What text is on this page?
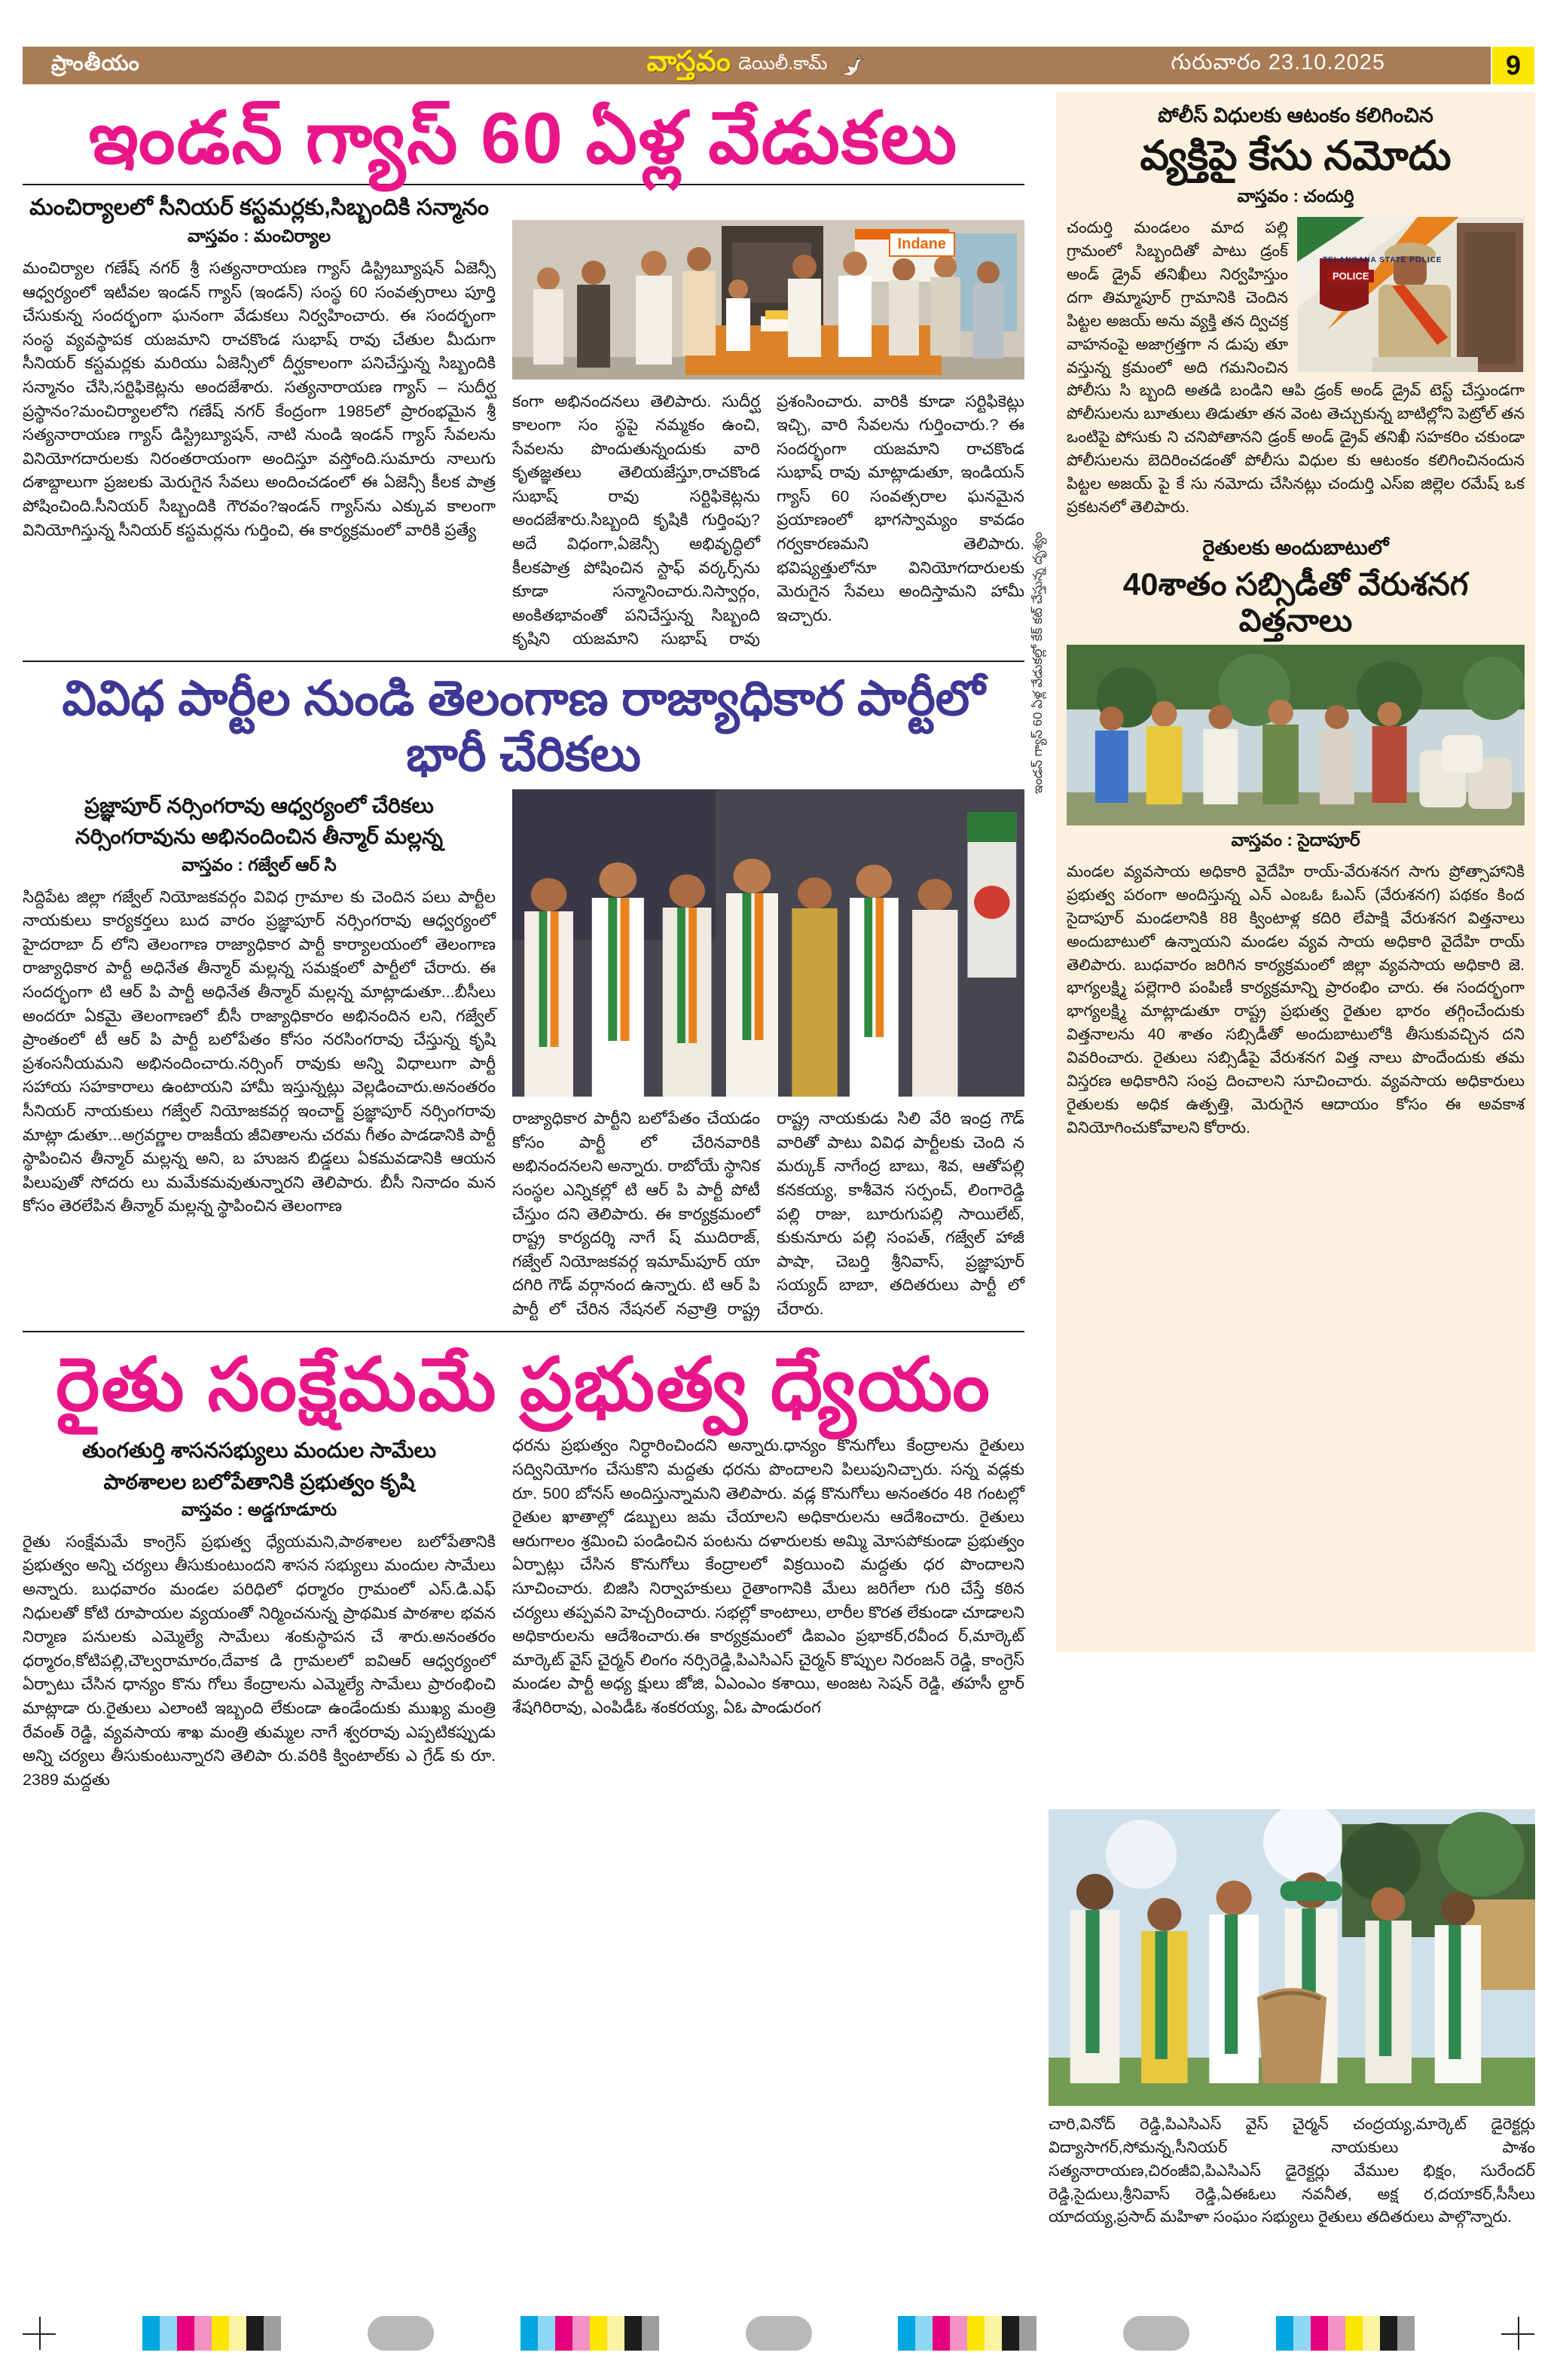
ప్రాంతీయం	వాస్తవం డెయిలీ.కామ్	గురువారం 23.10.2025	9
ఇండన్ గ్యాస్ 60 ఏళ్ల వేడుకలు
మంచిర్యాలలో సీనియర్ కస్టమర్లకు,సిబ్బందికి సన్మానం
వాస్తవం : మంచిర్యాల
మంచిర్యాల గణేష్ నగర్ శ్రీ సత్యనారాయణ గ్యాస్ డిస్ట్రిబ్యూషన్ ఏజెన్సీ ఆధ్వర్యంలో ఇటీవల ఇండన్ గ్యాస్ (ఇండన్) సంస్థ 60 సంవత్సరాలు పూర్తి చేసుకున్న సందర్భంగా ఘనంగా వేడుకలు నిర్వహించారు. ఈ సందర్భంగా సంస్థ వ్యవస్థాపక యజమాని రాచకొండ సుభాష్ రావు చేతుల మీదుగా సీనియర్ కస్టమర్లకు మరియు ఏజెన్సీలో దీర్ఘకాలంగా పనిచేస్తున్న సిబ్బందికి సన్మానం చేసి,సర్టిఫికెట్లను అందజేశారు. సత్యనారాయణ గ్యాస్ – సుదీర్ఘ ప్రస్థానం?మంచిర్యాలలోని గణేష్ నగర్ కేంద్రంగా 1985లో ప్రారంభమైన శ్రీ సత్యనారాయణ గ్యాస్ డిస్ట్రిబ్యూషన్, నాటి నుండి ఇండన్ గ్యాస్ సేవలను వినియోగదారులకు నిరంతరాయంగా అందిస్తూ వస్తోంది.సుమారు నాలుగు దశాబ్దాలుగా ప్రజలకు మెరుగైన సేవలు అందించడంలో ఈ ఏజెన్సీ కీలక పాత్ర పోషించింది.సీనియర్ సిబ్బందికి గౌరవం?ఇండన్ గ్యాస్‌ను ఎక్కువ కాలంగా వినియోగిస్తున్న సీనియర్ కస్టమర్లను గుర్తించి, ఈ కార్యక్రమంలో వారికి ప్రత్యే
Indane
కంగా అభినందనలు తెలిపారు. సుదీర్ఘ కాలంగా సం స్థపై నమ్మకం ఉంచి, సేవలను పొందుతున్నందుకు వారి కృతజ్ఞతలు తెలియజేస్తూ,రాచకొండ సుభాష్ రావు సర్టిఫికెట్లను అందజేశారు.సిబ్బంది కృషికి గుర్తింపు?అదే విధంగా,ఏజెన్సీ అభివృద్ధిలో కీలకపాత్ర పోషించిన స్టాఫ్ వర్కర్స్‌ను కూడా సన్మానించారు.నిస్వార్గం, అంకితభావంతో పనిచేస్తున్న సిబ్బంది కృషిని యజమాని సుభాష్ రావు ప్రశంసించారు. వారికి కూడా సర్టిఫికెట్లు ఇచ్చి, వారి సేవలను గుర్తించారు.? ఈ సందర్భంగా యజమాని రాచకొండ సుభాష్ రావు మాట్లాడుతూ, ఇండియన్ గ్యాస్ 60 సంవత్సరాల ఘనమైన ప్రయాణంలో భాగస్వామ్యం కావడం గర్వకారణమని తెలిపారు. భవిష్యత్తులోనూ వినియోగదారులకు మెరుగైన సేవలు అందిస్తామని హామీ ఇచ్చారు.
వివిధ పార్టీల నుండి తెలంగాణ రాజ్యాధికార పార్టీలో భారీ చేరికలు
ప్రజ్ఞాపూర్ నర్సింగరావు ఆధ్వర్యంలో చేరికలు
నర్సింగరావును అభినందించిన తీన్మార్ మల్లన్న
వాస్తవం : గజ్వేల్ ఆర్ సి
సిద్దిపేట జిల్లా గజ్వేల్ నియోజకవర్గం వివిధ గ్రామాల కు చెందిన పలు పార్టీల నాయకులు కార్యకర్తలు బుద వారం ప్రజ్ఞాపూర్ నర్సింగరావు ఆధ్వర్యంలో హైదరాబా ద్ లోని తెలంగాణ రాజ్యాధికార పార్టీ కార్యాలయంలో తెలంగాణ రాజ్యాధికార పార్టీ అధినేత తీన్మార్ మల్లన్న సమక్షంలో పార్టీలో చేరారు. ఈ సందర్భంగా టి ఆర్ పి పార్టీ అధినేత తీన్మార్ మల్లన్న మాట్లాడుతూ...బీసీలు అందరూ ఏకమై తెలంగాణలో బీసీ రాజ్యాధికారం అభినందిన లని, గజ్వేల్ ప్రాంతంలో టీ ఆర్ పి పార్టీ బలోపేతం కోసం నరసింగరావు చేస్తున్న కృషి ప్రశంసనీయమని అభినందించారు.నర్సింగ్ రావుకు అన్ని విధాలుగా పార్టీ సహాయ సహకారాలు ఉంటాయని హామీ ఇస్తున్నట్లు వెల్లడించారు.అనంతరం సీనియర్ నాయకులు గజ్వేల్ నియోజకవర్గ ఇంచార్జ్ ప్రజ్ఞాపూర్ నర్సింగరావు మాట్లా డుతూ...అగ్రవర్ణాల రాజకీయ జీవితాలను చరమ గీతం పాడడానికి పార్టీ స్థాపించిన తీన్మార్ మల్లన్న అని, బ హుజన బిడ్డలు ఏకమవడానికి ఆయన పిలుపుతో సోదరు లు మమేకమవుతున్నారని తెలిపారు. బీసీ నినాదం మన కోసం తెరలేపిన తీన్మార్ మల్లన్న స్థాపించిన తెలంగాణ
రాజ్యాధికార పార్టీని బలోపేతం చేయడం కోసం పార్టీ లో చేరినవారికి అభినందనలని అన్నారు. రాబోయే స్థానిక సంస్థల ఎన్నికల్లో టి ఆర్ పి పార్టీ పోటీ చేస్తుం దని తెలిపారు. ఈ కార్యక్రమంలో రాష్ట్ర కార్యదర్శి నాగే ష్ ముదిరాజ్, గజ్వేల్ నియోజకవర్గ ఇమామ్‌పూర్ యా దగిరి గౌడ్ వర్గానంద ఉన్నారు. టి ఆర్ పి పార్టీ లో చేరిన నేషనల్ నవ్రాత్రి రాష్ట్ర రాష్ట్ర నాయకుడు సిలి వేరి ఇంద్ర గౌడ్ వారితో పాటు వివిధ పార్టీలకు చెంది న మర్కుక్ నాగేంద్ర బాబు, శివ, ఆతోపల్లి కనకయ్య, కాశీవెన సర్పంచ్, లింగారెడ్డి పల్లి రాజు, బూరుగుపల్లి సాయిలేట్, కుకునూరు పల్లి సంపత్, గజ్వేల్ హాజీ పాషా, చెబర్తి శ్రీనివాస్, ప్రజ్ఞాపూర్ సయ్యద్ బాబా, తదితరులు పార్టీ లో చేరారు.
రైతు సంక్షేమమే ప్రభుత్వ ధ్యేయం
తుంగతుర్తి శాసనసభ్యులు మందుల సామేలు
పాఠశాలల బలోపేతానికి ప్రభుత్వం కృషి
వాస్తవం : అడ్డగూడూరు
రైతు సంక్షేమమే కాంగ్రెస్ ప్రభుత్వ ధ్యేయమని,పాఠశాలల బలోపేతానికి ప్రభుత్వం అన్ని చర్యలు తీసుకుంటుందని శాసన సభ్యులు మందుల సామేలు అన్నారు. బుధవారం మండల పరిధిలో ధర్మారం గ్రామంలో ఎస్.డి.ఎఫ్ నిధులతో కోటి రూపాయల వ్యయంతో నిర్మించనున్న ప్రాథమిక పాఠశాల భవన నిర్మాణ పనులకు ఎమ్మెల్యే సామేలు శంకుస్థాపన చే శారు.అనంతరం ధర్మారం,కోటిపల్లి,చౌల్వరామారం,దేవాక డి గ్రామలలో ఐవిఆర్ ఆధ్వర్యంలో ఏర్పాటు చేసిన ధాన్యం కొను గోలు కేంద్రాలను ఎమ్మెల్యే సామేలు ప్రారంభించి మాట్లాడా రు.రైతులు ఎలాంటి ఇబ్బంది లేకుండా ఉండేందుకు ముఖ్య మంత్రి రేవంత్ రెడ్డి, వ్యవసాయ శాఖ మంత్రి తుమ్మల నాగే శ్వరరావు ఎప్పటికప్పుడు అన్ని చర్యలు తీసుకుంటున్నారని తెలిపా రు.వరికి క్వింటాల్‌కు ఎ గ్రేడ్ కు రూ. 2389 మద్దతు
ధరను ప్రభుత్వం నిర్ధారించిందని అన్నారు.ధాన్యం కొనుగోలు కేంద్రాలను రైతులు సద్వినియోగం చేసుకొని మద్దతు ధరను పొందాలని పిలుపునిచ్చారు. సన్న వడ్లకు రూ. 500 బోనస్ అందిస్తున్నామని తెలిపారు. వడ్ల కొనుగోలు అనంతరం 48 గంటల్లో రైతుల ఖాతాల్లో డబ్బులు జమ చేయాలని అధికారులను ఆదేశించారు. రైతులు ఆరుగాలం శ్రమించి పండించిన పంటను దళారులకు అమ్మి మోసపోకుండా ప్రభుత్వం ఏర్పాట్లు చేసిన కొనుగోలు కేంద్రాలలో విక్రయించి మద్దతు ధర పొందాలని సూచించారు. బిజిసి నిర్వాహకులు రైతాంగానికి మేలు జరిగేలా గురి చేస్తే కఠిన చర్యలు తప్పవని హెచ్చరించారు. సభల్లో కాంటాలు, లారీల కొరత లేకుండా చూడాలని అధికారులను ఆదేశించారు.ఈ కార్యక్రమంలో డిఐఎం ప్రభాకర్,రవీంద ర్,మార్కెట్ మార్కెట్ వైస్ చైర్మన్ లింగం నర్సిరెడ్డి,పిఎసిఎస్ చైర్మన్ కొప్పుల నిరంజన్ రెడ్డి, కాంగ్రెస్ మండల పార్టీ అధ్య క్షులు జోజి, ఏఎంఎం కశాయి, అంజట సెషన్ రెడ్డి, తహసీ ల్దార్ శేషగిరిరావు, ఎంపిడీఓ శంకరయ్య, ఏఓ పాండురంగ
ఇండన్ గ్యాస్ 60 ఏళ్ల వేడుకల్లో కేక్ కట్ చేస్తున్న దృశ్యం
పోలీస్ విధులకు ఆటంకం కలిగించిన
వ్యక్తిపై కేసు నమోదు
వాస్తవం : చందుర్తి
TELANGANA STATE POLICE
POLICE
చందుర్తి మండలం మాద పల్లి గ్రామంలో సిబ్బందితో పాటు డ్రంక్ అండ్ డ్రైవ్ తనిఖీలు నిర్వహిస్తుం దగా తిమ్మాపూర్ గ్రామానికి చెందిన పిట్టల అజయ్ అను వ్యక్తి తన ద్విచక్ర వాహనంపై అజాగ్రత్తగా న డుపు తూ వస్తున్న క్రమంలో అది గమనించిన పోలీసు సి బ్బంది అతడి బండిని ఆపి డ్రంక్ అండ్ డ్రైవ్ టెస్ట్ చేస్తుండగా పోలీసులను బూతులు తిడుతూ తన వెంట తెచ్చుకున్న బాటిల్లోని పెట్రోల్ తన ఒంటిపై పోసుకు ని చనిపోతానని డ్రంక్ అండ్ డ్రైవ్ తనిఖీ సహకరిం చకుండా పోలీసులను బెదిరించడంతో పోలీసు విధుల కు ఆటంకం కలిగించినందున పిట్టల అజయ్ పై కే సు నమోదు చేసినట్లు చందుర్తి ఎస్ఐ జిల్లెల రమేష్ ఒక ప్రకటనలో తెలిపారు.
రైతులకు అందుబాటులో
40శాతం సబ్సిడీతో వేరుశనగ విత్తనాలు
వాస్తవం : సైదాపూర్
మండల వ్యవసాయ అధికారి వైదేహి రాయ్-వేరుశనగ సాగు ప్రోత్సాహానికి ప్రభుత్వ పరంగా అందిస్తున్న ఎన్ ఎంఒఓ ఓఎస్ (వేరుశనగ) పథకం కింద సైదాపూర్ మండలానికి 88 క్వింటాళ్ల కదిరి లేపాక్షి వేరుశనగ విత్తనాలు అందుబాటులో ఉన్నాయని మండల వ్యవ సాయ అధికారి వైదేహి రాయ్ తెలిపారు. బుధవారం జరిగిన కార్యక్రమంలో జిల్లా వ్యవసాయ అధికారి జె. భాగ్యలక్ష్మి పల్లెగారి పంపిణీ కార్యక్రమాన్ని ప్రారంభిం చారు. ఈ సందర్భంగా భాగ్యలక్ష్మి మాట్లాడుతూ రాష్ట్ర ప్రభుత్వ రైతుల భారం తగ్గించేందుకు విత్తనాలను 40 శాతం సబ్సిడీతో అందుబాటులోకి తీసుకువచ్చిన దని వివరించారు. రైతులు సబ్సిడీపై వేరుశనగ విత్త నాలు పొందేందుకు తమ విస్తరణ అధికారిని సంప్ర దించాలని సూచించారు. వ్యవసాయ అధికారులు రైతులకు అధిక ఉత్పత్తి, మెరుగైన ఆదాయం కోసం ఈ అవకాశ వినియోగించుకోవాలని కోరారు.
చారి,వినోద్ రెడ్డి,పిఎసిఎస్ వైస్ చైర్మన్ చంద్రయ్య,మార్కెట్ డైరెక్టర్లు విద్యాసాగర్,సోమన్న,సీనియర్ నాయకులు పాశం సత్యనారాయణ,చిరంజీవి,పిఎసిఎస్ డైరెక్టర్లు వేముల భిక్షం, సురేందర్ రెడ్డి,సైదులు,శ్రీనివాస్ రెడ్డి,ఏఈఓలు నవనీత, అక్ష ర,దయాకర్,సీసీలు యాదయ్య,ప్రసాద్ మహిళా సంఘం సభ్యులు రైతులు తదితరులు పాల్గొన్నారు.
